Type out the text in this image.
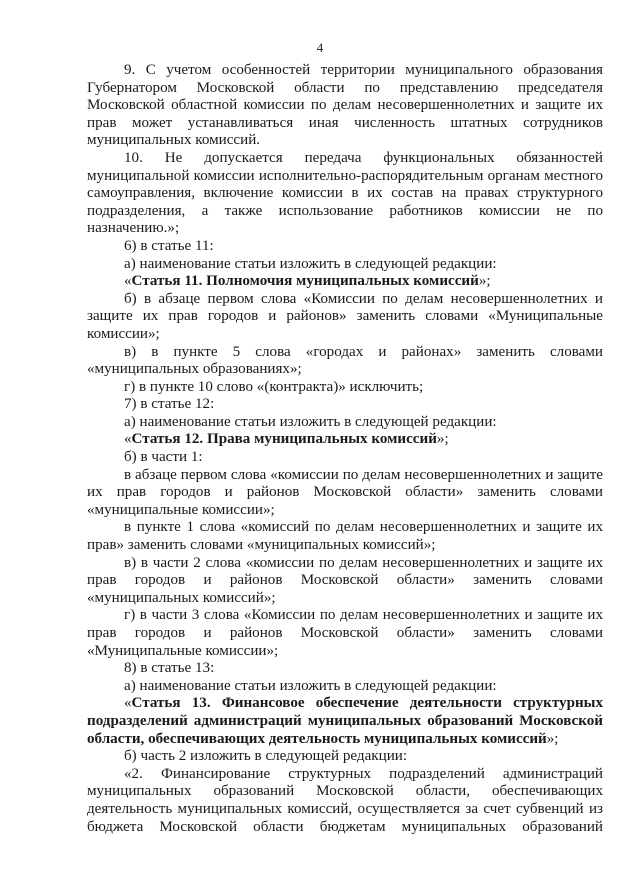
4

9. С учетом особенностей территории муниципального образования Губернатором Московской области по представлению председателя Московской областной комиссии по делам несовершеннолетних и защите их прав может устанавливаться иная численность штатных сотрудников муниципальных комиссий.

10. Не допускается передача функциональных обязанностей муниципальной комиссии исполнительно-распорядительным органам местного самоуправления, включение комиссии в их состав на правах структурного подразделения, а также использование работников комиссии не по назначению.»;

6) в статье 11:

а) наименование статьи изложить в следующей редакции:

«Статья 11. Полномочия муниципальных комиссий»;

б) в абзаце первом слова «Комиссии по делам несовершеннолетних и защите их прав городов и районов» заменить словами «Муниципальные комиссии»;

в) в пункте 5 слова «городах и районах» заменить словами «муниципальных образованиях»;

г) в пункте 10 слово «(контракта)» исключить;

7) в статье 12:

а) наименование статьи изложить в следующей редакции:

«Статья 12. Права муниципальных комиссий»;

б) в части 1:

в абзаце первом слова «комиссии по делам несовершеннолетних и защите их прав городов и районов Московской области» заменить словами «муниципальные комиссии»;

в пункте 1 слова «комиссий по делам несовершеннолетних и защите их прав» заменить словами «муниципальных комиссий»;

в) в части 2 слова «комиссии по делам несовершеннолетних и защите их прав городов и районов Московской области» заменить словами «муниципальных комиссий»;

г) в части 3 слова «Комиссии по делам несовершеннолетних и защите их прав городов и районов Московской области» заменить словами «Муниципальные комиссии»;

8) в статье 13:

а) наименование статьи изложить в следующей редакции:

«Статья 13. Финансовое обеспечение деятельности структурных подразделений администраций муниципальных образований Московской области, обеспечивающих деятельность муниципальных комиссий»;

б) часть 2 изложить в следующей редакции:

«2. Финансирование структурных подразделений администраций муниципальных образований Московской области, обеспечивающих деятельность муниципальных комиссий, осуществляется за счет субвенций из бюджета Московской области бюджетам муниципальных образований
